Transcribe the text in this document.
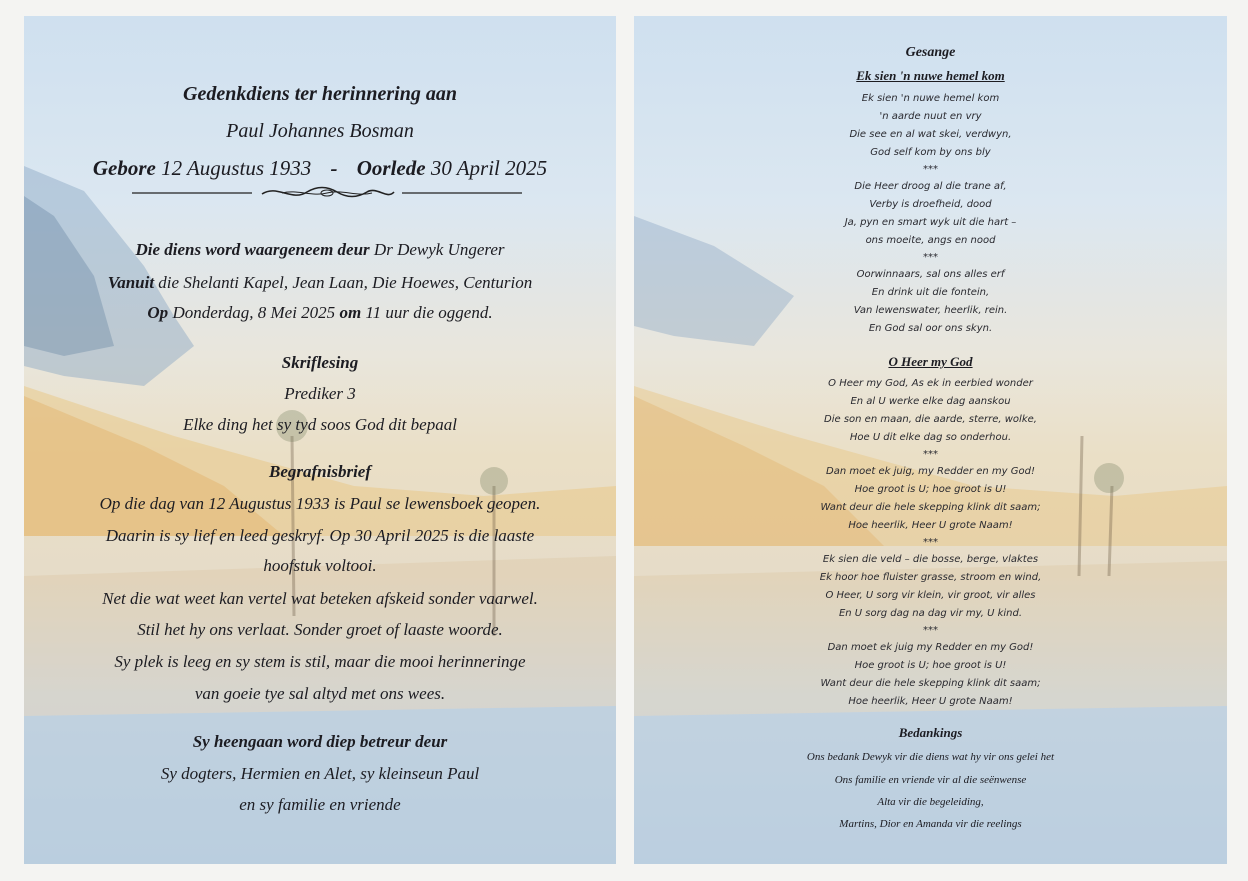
Gedenkdiens ter herinnering aan
Paul Johannes Bosman
Gebore 12 Augustus 1933 - Oorlede 30 April 2025
Die diens word waargeneem deur Dr Dewyk Ungerer
Vanuit die Shelanti Kapel, Jean Laan, Die Hoewes, Centurion
Op Donderdag, 8 Mei 2025 om 11 uur die oggend.
Skriflesing
Prediker 3
Elke ding het sy tyd soos God dit bepaal
Begrafnisbrief
Op die dag van 12 Augustus 1933 is Paul se lewensboek geopen.
Daarin is sy lief en leed geskryf. Op 30 April 2025 is die laaste
hoofstuk voltooi.
Net die wat weet kan vertel wat beteken afskeid sonder vaarwel.
Stil het hy ons verlaat. Sonder groet of laaste woorde.
Sy plek is leeg en sy stem is stil, maar die mooi herinneringe
van goeie tye sal altyd met ons wees.
Sy heengaan word diep betreur deur
Sy dogters, Hermien en Alet, sy kleinseun Paul
en sy familie en vriende
Gesange
Ek sien 'n nuwe hemel kom
Ek sien 'n nuwe hemel kom
'n aarde nuut en vry
Die see en al wat skei, verdwyn,
God self kom by ons bly
***
Die Heer droog al die trane af,
Verby is droefheid, dood
Ja, pyn en smart wyk uit die hart –
ons moeite, angs en nood
***
Oorwinnaars, sal ons alles erf
En drink uit die fontein,
Van lewenswater, heerlik, rein.
En God sal oor ons skyn.
O Heer my God
O Heer my God, As ek in eerbied wonder
En al U werke elke dag aanskou
Die son en maan, die aarde, sterre, wolke,
Hoe U dit elke dag so onderhou.
***
Dan moet ek juig, my Redder en my God!
Hoe groot is U; hoe groot is U!
Want deur die hele skepping klink dit saam;
Hoe heerlik, Heer U grote Naam!
***
Ek sien die veld – die bosse, berge, vlaktes
Ek hoor hoe fluister grasse, stroom en wind,
O Heer, U sorg vir klein, vir groot, vir alles
En U sorg dag na dag vir my, U kind.
***
Dan moet ek juig my Redder en my God!
Hoe groot is U; hoe groot is U!
Want deur die hele skepping klink dit saam;
Hoe heerlik, Heer U grote Naam!
Bedankings
Ons bedank Dewyk vir die diens wat hy vir ons gelei het
Ons familie en vriende vir al die seënwense
Alta vir die begeleiding,
Martins, Dior en Amanda vir die reelings
